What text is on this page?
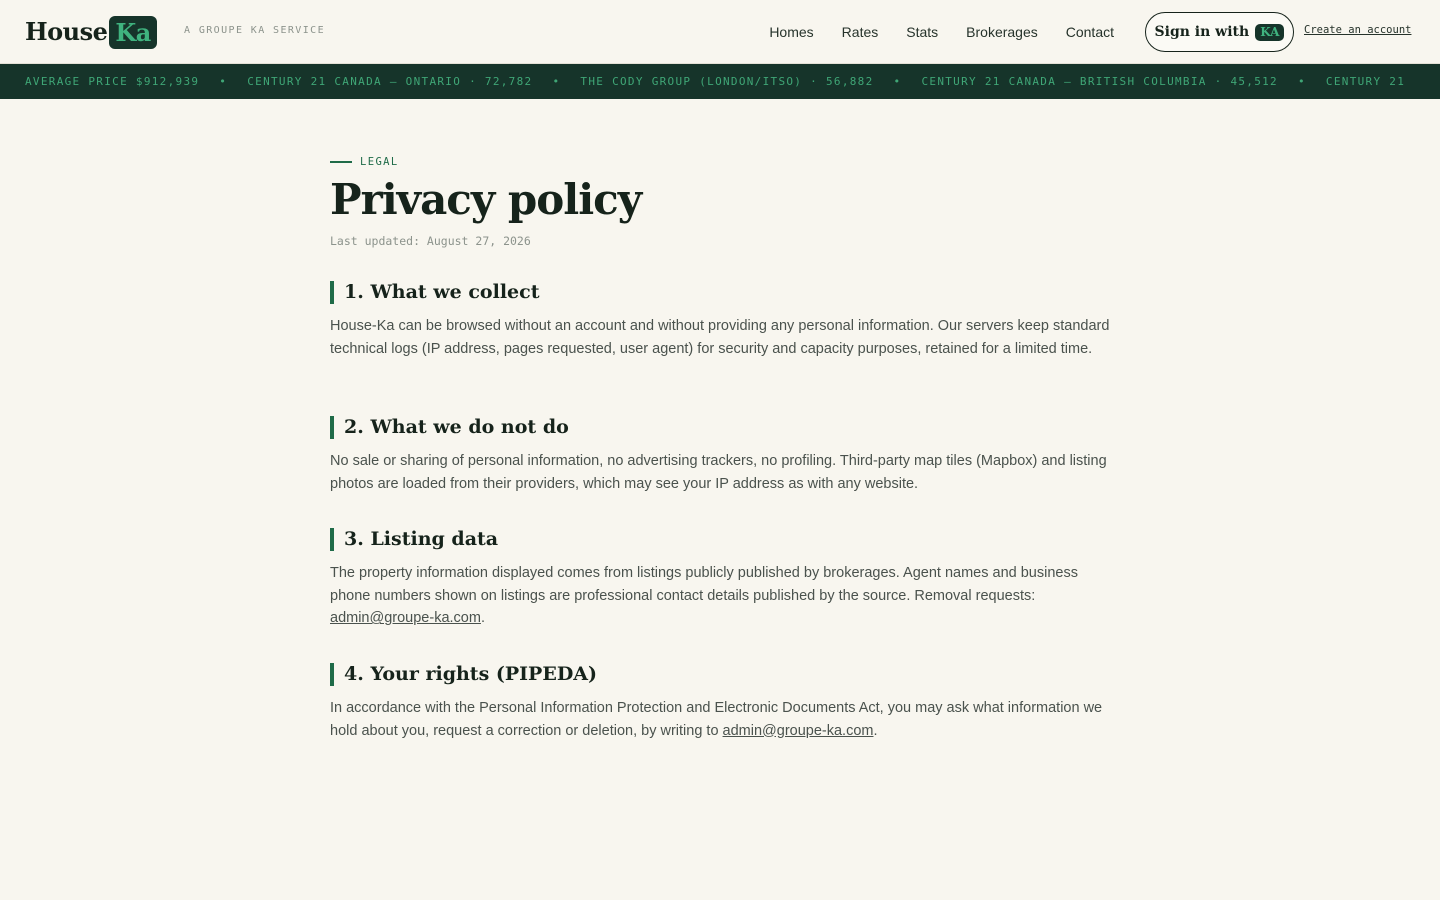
House Ka	A GROUPE KA SERVICE	Homes Rates Stats Brokerages Contact	Sign in with KA	Create an account
AVERAGE PRICE $912,939 • CENTURY 21 CANADA — ONTARIO · 72,782 • THE CODY GROUP (LONDON/ITSO) · 56,882 • CENTURY 21 CANADA — BRITISH COLUMBIA · 45,512 • CENTURY 21
LEGAL
Privacy policy
Last updated: August 27, 2026
1. What we collect

House-Ka can be browsed without an account and without providing any personal information. Our servers keep standard technical logs (IP address, pages requested, user agent) for security and capacity purposes, retained for a limited time.

2. What we do not do

No sale or sharing of personal information, no advertising trackers, no profiling. Third-party map tiles (Mapbox) and listing photos are loaded from their providers, which may see your IP address as with any website.

3. Listing data

The property information displayed comes from listings publicly published by brokerages. Agent names and business phone numbers shown on listings are professional contact details published by the source. Removal requests: admin@groupe-ka.com.

4. Your rights (PIPEDA)

In accordance with the Personal Information Protection and Electronic Documents Act, you may ask what information we hold about you, request a correction or deletion, by writing to admin@groupe-ka.com.
